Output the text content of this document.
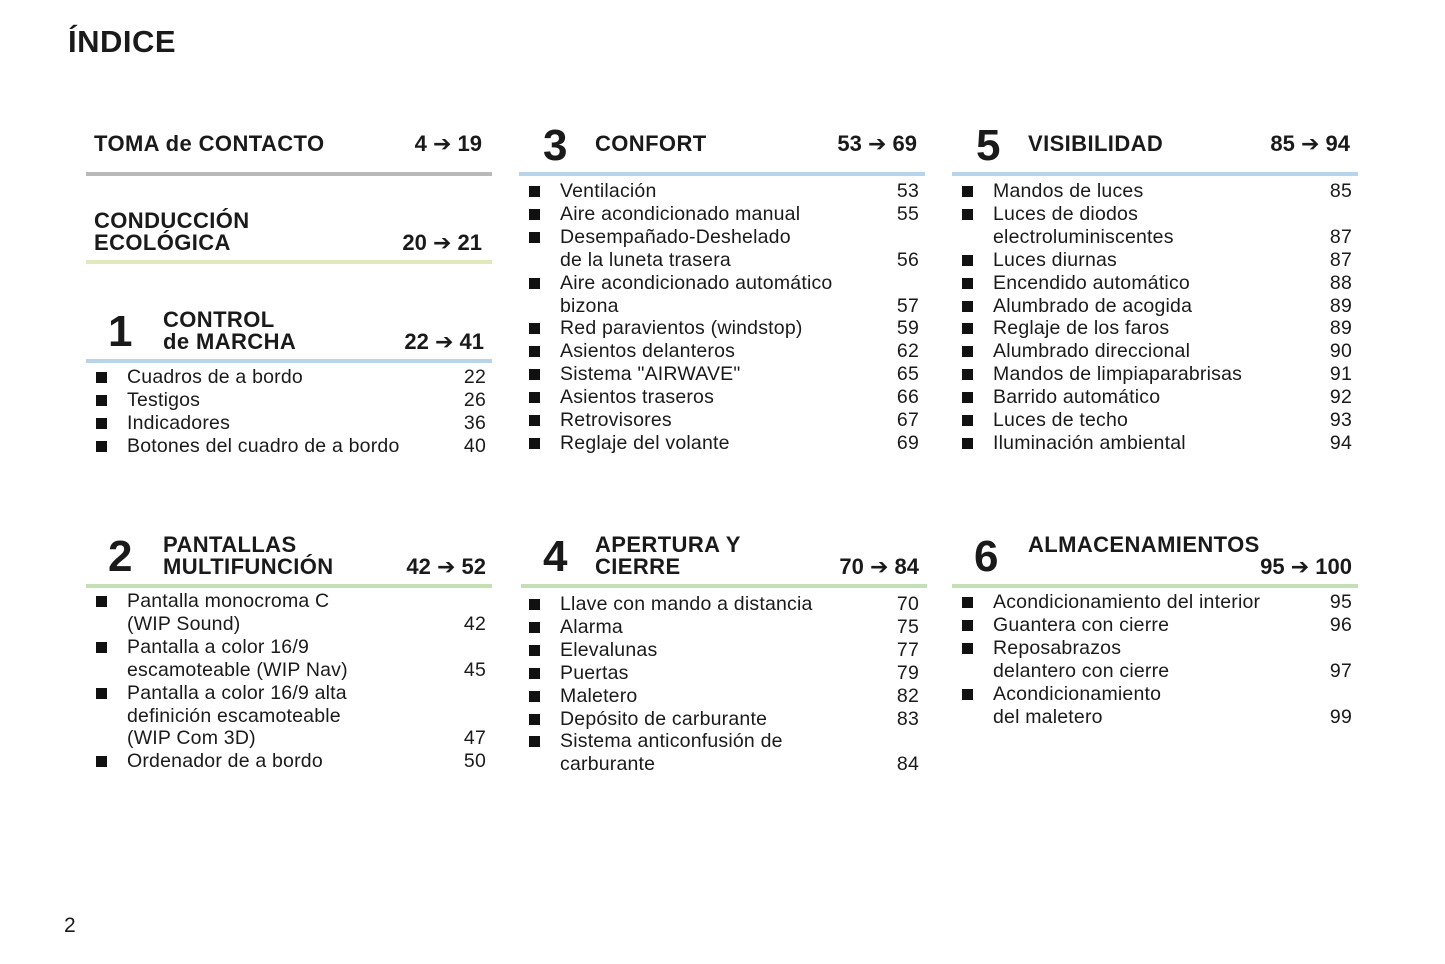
ÍNDICE
TOMA de CONTACTO	4 ➔ 19
CONDUCCIÓN
ECOLÓGICA	20 ➔ 21
1 CONTROL
de MARCHA	22 ➔ 41
Cuadros de a bordo	22
Testigos	26
Indicadores	36
Botones del cuadro de a bordo	40
2 PANTALLAS
MULTIFUNCIÓN	42 ➔ 52
Pantalla monocroma C
(WIP Sound)	42
Pantalla a color 16/9
escamoteable (WIP Nav)	45
Pantalla a color 16/9 alta
definición escamoteable
(WIP Com 3D)	47
Ordenador de a bordo	50
3 CONFORT	53 ➔ 69
Ventilación	53
Aire acondicionado manual	55
Desempañado-Deshelado
de la luneta trasera	56
Aire acondicionado automático
bizona	57
Red paravientos (windstop)	59
Asientos delanteros	62
Sistema "AIRWAVE"	65
Asientos traseros	66
Retrovisores	67
Reglaje del volante	69
4 APERTURA Y
CIERRE	70 ➔ 84
Llave con mando a distancia	70
Alarma	75
Elevalunas	77
Puertas	79
Maletero	82
Depósito de carburante	83
Sistema anticonfusión de
carburante	84
5 VISIBILIDAD	85 ➔ 94
Mandos de luces	85
Luces de diodos
electroluminiscentes	87
Luces diurnas	87
Encendido automático	88
Alumbrado de acogida	89
Reglaje de los faros	89
Alumbrado direccional	90
Mandos de limpiaparabrisas	91
Barrido automático	92
Luces de techo	93
Iluminación ambiental	94
6 ALMACENAMIENTOS
95 ➔ 100
Acondicionamiento del interior	95
Guantera con cierre	96
Reposabrazos
delantero con cierre	97
Acondicionamiento
del maletero	99
2
